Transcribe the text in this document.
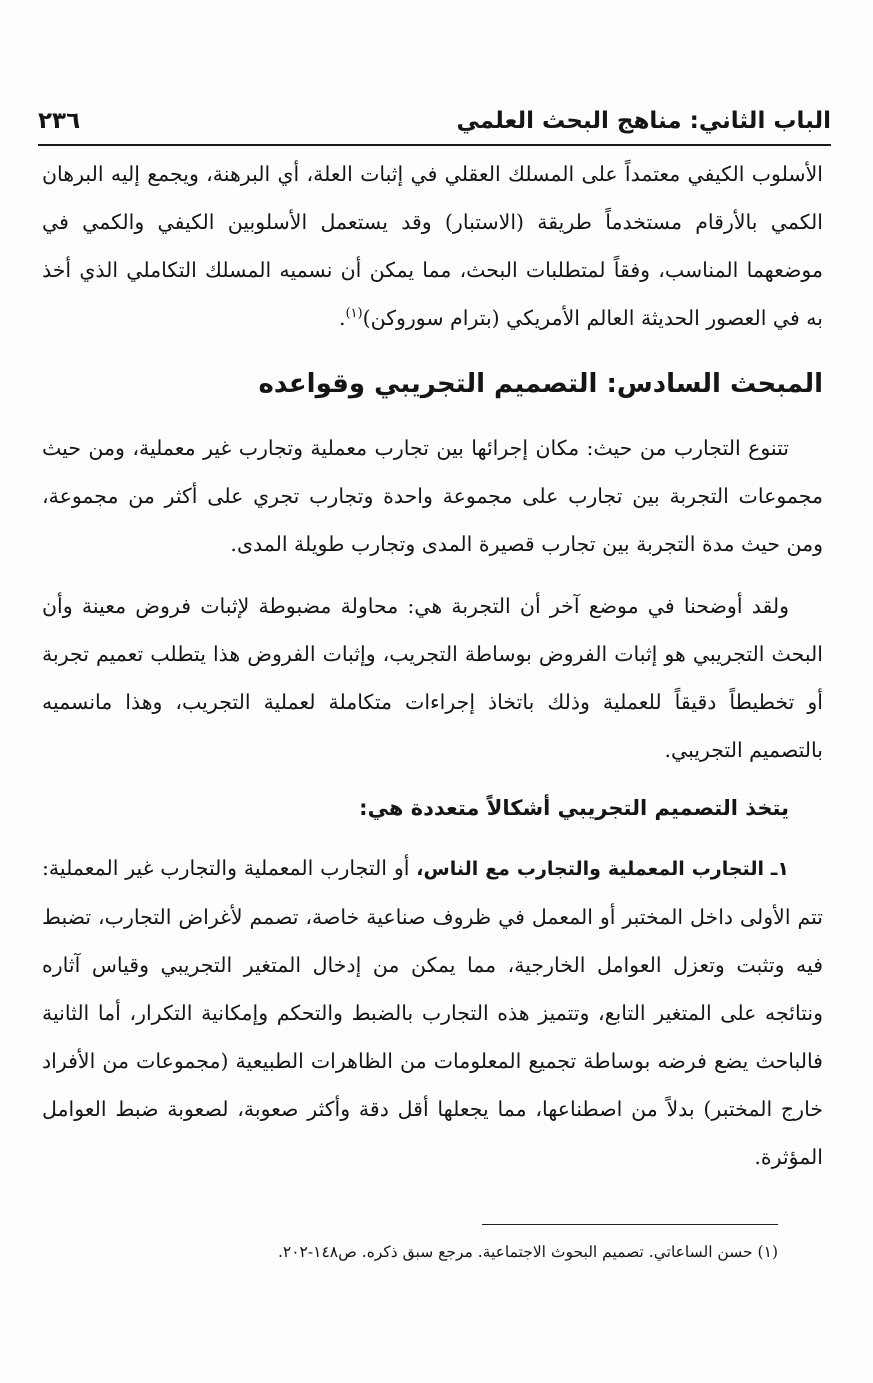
الباب الثاني: مناهج البحث العلمي
٢٣٦

الأسلوب الكيفي معتمداً على المسلك العقلي في إثبات العلة، أي البرهنة، ويجمع إليه البرهان الكمي بالأرقام مستخدماً طريقة (الاستبار) وقد يستعمل الأسلوبين الكيفي والكمي في موضعهما المناسب، وفقاً لمتطلبات البحث، مما يمكن أن نسميه المسلك التكاملي الذي أخذ به في العصور الحديثة العالم الأمريكي (بترام سوروكن)$^{(١)}$.

المبحث السادس: التصميم التجريبي وقواعده

تتنوع التجارب من حيث: مكان إجرائها بين تجارب معملية وتجارب غير معملية، ومن حيث مجموعات التجربة بين تجارب على مجموعة واحدة وتجارب تجري على أكثر من مجموعة، ومن حيث مدة التجربة بين تجارب قصيرة المدى وتجارب طويلة المدى.

ولقد أوضحنا في موضع آخر أن التجربة هي: محاولة مضبوطة لإثبات فروض معينة وأن البحث التجريبي هو إثبات الفروض بوساطة التجريب، وإثبات الفروض هذا يتطلب تعميم تجربة أو تخطيطاً دقيقاً للعملية وذلك باتخاذ إجراءات متكاملة لعملية التجريب، وهذا مانسميه بالتصميم التجريبي.

يتخذ التصميم التجريبي أشكالاً متعددة هي:

١ـ التجارب المعملية والتجارب مع الناس، أو التجارب المعملية والتجارب غير المعملية: تتم الأولى داخل المختبر أو المعمل في ظروف صناعية خاصة، تصمم لأغراض التجارب، تضبط فيه وتثبت وتعزل العوامل الخارجية، مما يمكن من إدخال المتغير التجريبي وقياس آثاره ونتائجه على المتغير التابع، وتتميز هذه التجارب بالضبط والتحكم وإمكانية التكرار، أما الثانية فالباحث يضع فرضه بوساطة تجميع المعلومات من الظاهرات الطبيعية (مجموعات من الأفراد خارج المختبر) بدلاً من اصطناعها، مما يجعلها أقل دقة وأكثر صعوبة، لصعوبة ضبط العوامل المؤثرة.

(١) حسن الساعاتي. تصميم البحوث الاجتماعية. مرجع سبق ذكره. ص١٤٨-٢٠٢.
